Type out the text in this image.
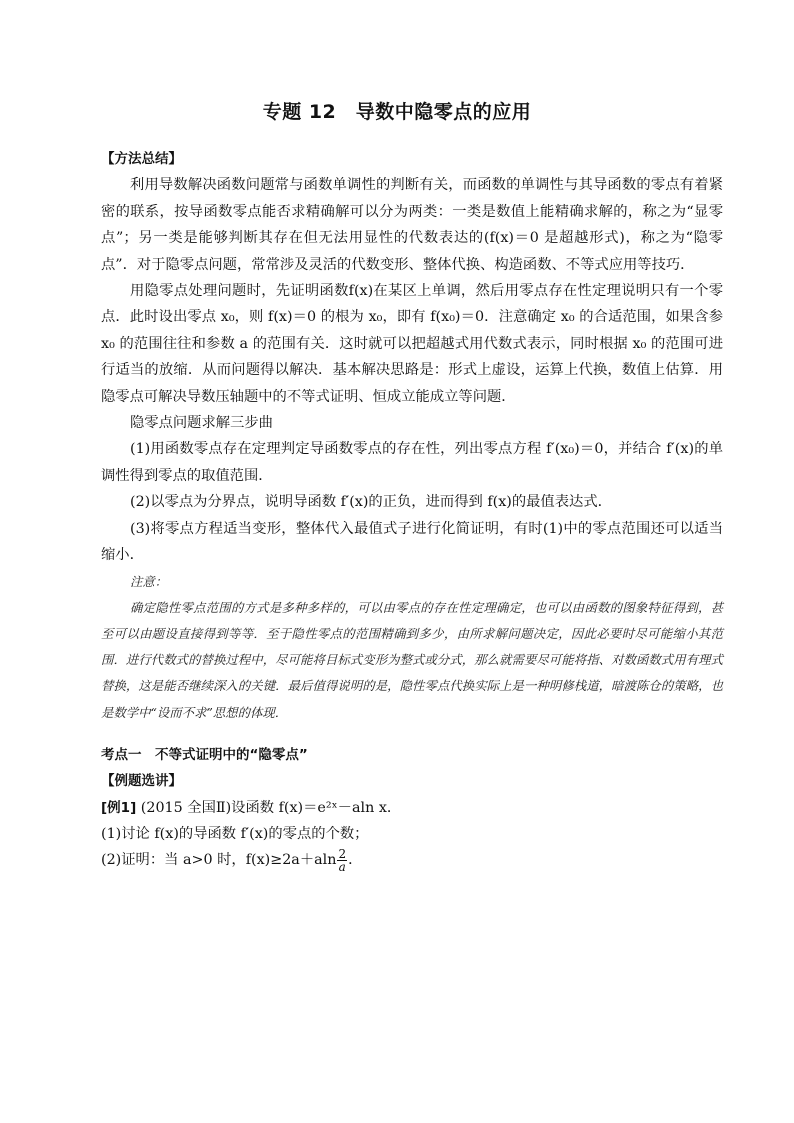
专题 12　导数中隐零点的应用

【方法总结】

利用导数解决函数问题常与函数单调性的判断有关，而函数的单调性与其导函数的零点有着紧密的联系，按导函数零点能否求精确解可以分为两类：一类是数值上能精确求解的，称之为“显零点”；另一类是能够判断其存在但无法用显性的代数表达的(f(x)＝0 是超越形式)，称之为“隐零点”．对于隐零点问题，常常涉及灵活的代数变形、整体代换、构造函数、不等式应用等技巧．

用隐零点处理问题时，先证明函数f(x)在某区上单调，然后用零点存在性定理说明只有一个零点．此时设出零点 x₀，则 f(x)＝0 的根为 x₀，即有 f(x₀)＝0．注意确定 x₀ 的合适范围，如果含参 x₀ 的范围往往和参数 a 的范围有关．这时就可以把超越式用代数式表示，同时根据 x₀ 的范围可进行适当的放缩．从而问题得以解决．基本解决思路是：形式上虚设，运算上代换，数值上估算．用隐零点可解决导数压轴题中的不等式证明、恒成立能成立等问题．

隐零点问题求解三步曲

(1)用函数零点存在定理判定导函数零点的存在性，列出零点方程 f′(x₀)＝0，并结合 f′(x)的单调性得到零点的取值范围．

(2)以零点为分界点，说明导函数 f′(x)的正负，进而得到 f(x)的最值表达式．

(3)将零点方程适当变形，整体代入最值式子进行化简证明，有时(1)中的零点范围还可以适当缩小．

注意：

确定隐性零点范围的方式是多种多样的，可以由零点的存在性定理确定，也可以由函数的图象特征得到，甚至可以由题设直接得到等等．至于隐性零点的范围精确到多少，由所求解问题决定，因此必要时尽可能缩小其范围．进行代数式的替换过程中，尽可能将目标式变形为整式或分式，那么就需要尽可能将指、对数函数式用有理式替换，这是能否继续深入的关键．最后值得说明的是，隐性零点代换实际上是一种明修栈道，暗渡陈仓的策略，也是数学中“设而不求”思想的体现．

考点一　不等式证明中的“隐零点”

【例题选讲】

[例1] (2015 全国Ⅱ)设函数 f(x)＝e²ˣ－aln x．

(1)讨论 f(x)的导函数 f′(x)的零点的个数；

(2)证明：当 a>0 时，$f(x)\ge 2a+aln \frac{2}{a}$ ．
